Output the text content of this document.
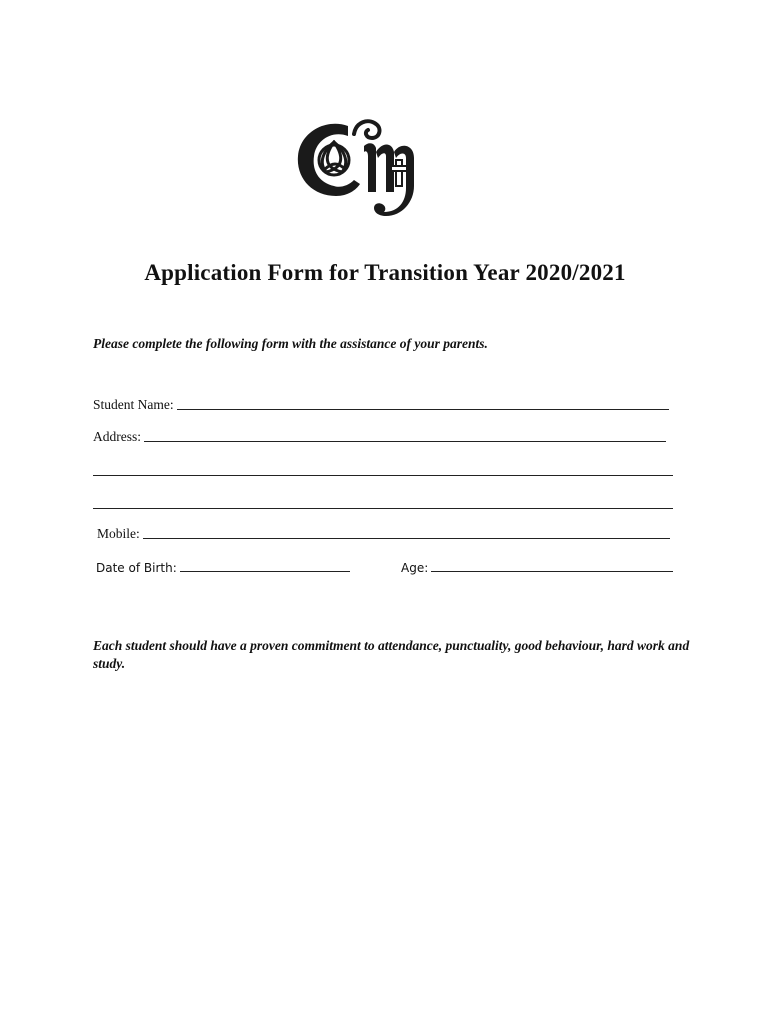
Application Form for Transition Year 2020/2021
Please complete the following form with the assistance of your parents.
Student Name:
Address:
Mobile:
Date of Birth:	Age:
Each student should have a proven commitment to attendance, punctuality, good behaviour, hard work and study.
